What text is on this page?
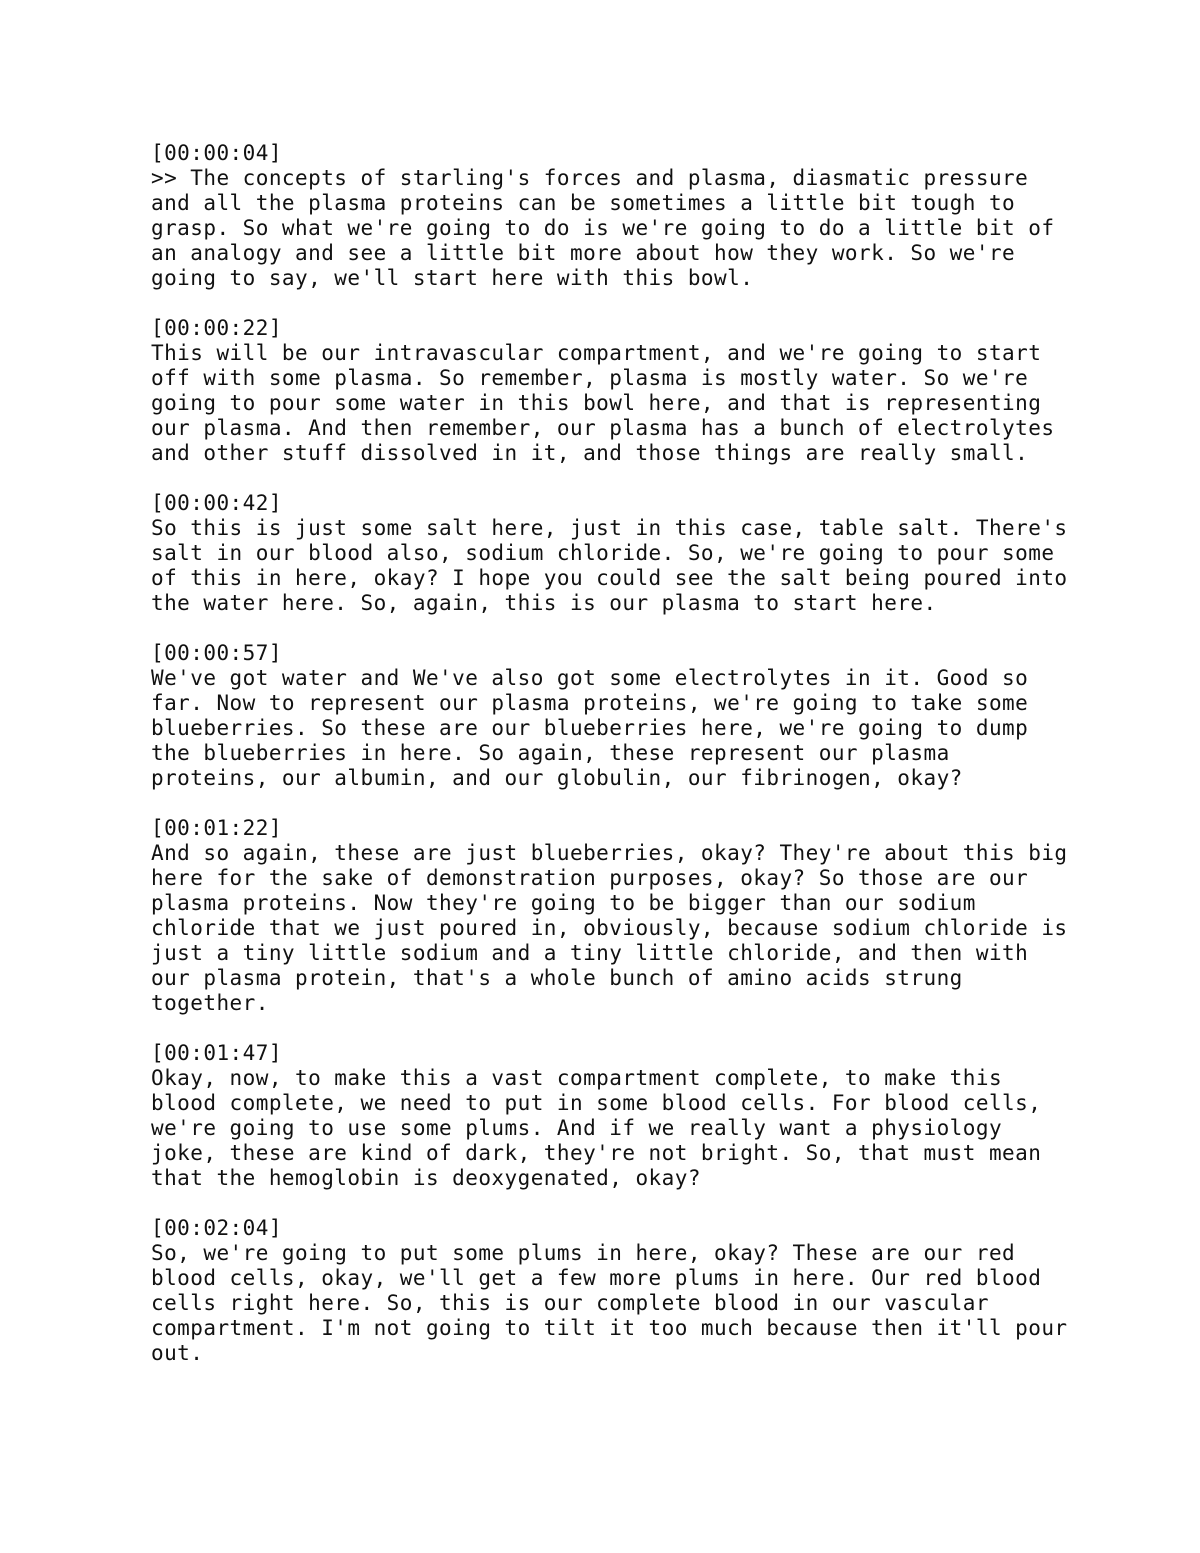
[00:00:04]
>> The concepts of starling's forces and plasma, diasmatic pressure
and all the plasma proteins can be sometimes a little bit tough to
grasp. So what we're going to do is we're going to do a little bit of
an analogy and see a little bit more about how they work. So we're
going to say, we'll start here with this bowl.
[00:00:22]
This will be our intravascular compartment, and we're going to start
off with some plasma. So remember, plasma is mostly water. So we're
going to pour some water in this bowl here, and that is representing
our plasma. And then remember, our plasma has a bunch of electrolytes
and other stuff dissolved in it, and those things are really small.
[00:00:42]
So this is just some salt here, just in this case, table salt. There's
salt in our blood also, sodium chloride. So, we're going to pour some
of this in here, okay? I hope you could see the salt being poured into
the water here. So, again, this is our plasma to start here.
[00:00:57]
We've got water and We've also got some electrolytes in it. Good so
far. Now to represent our plasma proteins, we're going to take some
blueberries. So these are our blueberries here, we're going to dump
the blueberries in here. So again, these represent our plasma
proteins, our albumin, and our globulin, our fibrinogen, okay?
[00:01:22]
And so again, these are just blueberries, okay? They're about this big
here for the sake of demonstration purposes, okay? So those are our
plasma proteins. Now they're going to be bigger than our sodium
chloride that we just poured in, obviously, because sodium chloride is
just a tiny little sodium and a tiny little chloride, and then with
our plasma protein, that's a whole bunch of amino acids strung
together.
[00:01:47]
Okay, now, to make this a vast compartment complete, to make this
blood complete, we need to put in some blood cells. For blood cells,
we're going to use some plums. And if we really want a physiology
joke, these are kind of dark, they're not bright. So, that must mean
that the hemoglobin is deoxygenated, okay?
[00:02:04]
So, we're going to put some plums in here, okay? These are our red
blood cells, okay, we'll get a few more plums in here. Our red blood
cells right here. So, this is our complete blood in our vascular
compartment. I'm not going to tilt it too much because then it'll pour
out.
